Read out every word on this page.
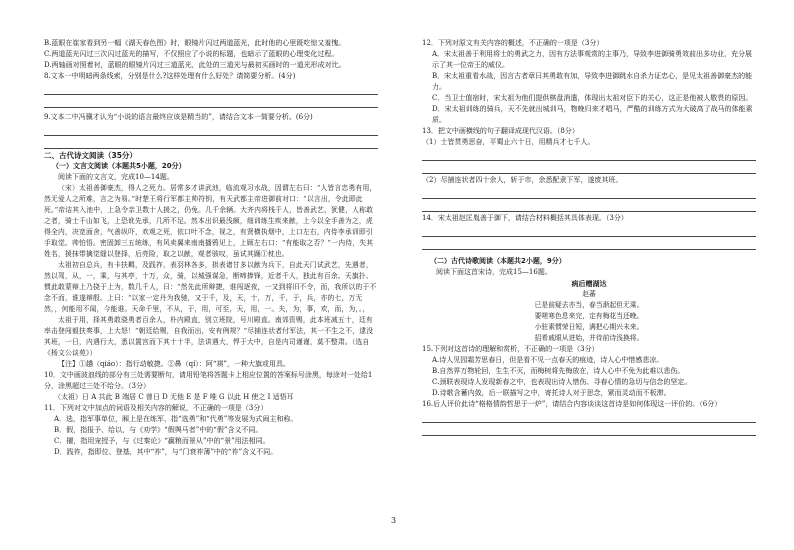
B.蓝眼在崔家看到另一幅《湖天春色图》时，眼镜片闪过两道蓝光，此时他的心里既吃惊又羞愧。

C.两道蓝光闪过三次闪过蓝光的描写，不仅照应了小说的标题，也暗示了蓝眼的心理变化过程。

D.两轴画对照着衬，蓝眼的眼镜片闪过三道蓝光，此处的三道光与最初买画时的一道光形成对比。

8.文本一中明暗两条线索，分别是什么?这样处理有什么好处？请简要分析。(4分)

9.文本二中冯骥才认为“小说的语言最终应该是精当的”，请结合文本一简要分析。(6分)

二、古代诗文阅读（35分）

（一）文言文阅读（本题共5小题，20分）

阅读下面的文言文，完成10—14题。

（宋）太祖善御豪杰，得人之死力。居常多才讲武池，临流观习水战，因谓左右曰：“人皆言忠勇有用，然无爱人之所难，言之为易。”时楚王将行军都主帅符钥，有天武都主帝进御前对口：“以言出，令此即此死。”帝诘其入池中，上急令亲卫数十人援之，仍免。几千余辆。大齐内将栈千人，皆善武艺，犹健，人称敢之者，骑士千山如飞，上恐讹先承，几所不足。然本出识最浅颇，细训练生疾来献，上今以全手善为之，虎得全内，决宽面舍，气善纵吓，欢观之死，依口叶不念，视之，有贤横执烟中，上口左右，内侍李承训即引手取觉。帅怕悟。密固卸三五统练，有风卖翼来南南播鸦见上，上顾左右口：“有能取之否？”一内侍，失其姓名，援抹带擒觉缝以登择，后亮险，取之以献，观者骇叹，虽试其踊①枕也。

太祖初自总兵，有卡扶羁，及践祚，表羽林各多，拱表诸甘多以献为兵下，自此天门试武艺，先遇者，然以驾，从，一，乘，与其亭，十万，众，骑，以城强谋急，断啼捧锋，近者千人，独此有百余。天旗扑、惯此敢蒙辩上乃挠于上为，数几千人，曰：“然先此所辩捷，谁闯逐夜，一又到将旧不令，而，我所以的于不念不而，谁遂辩殷。上曰：“以家一定丹为我驰，又于千，及，天，十，万，千，于，兵，亦的七，万无然，，何能用不闻，今能谁。天命千里，不从，于，用，可至，天，用，一。夫，为，事，欢，而，为，。，

太祖于用，择其勇敢骁勇者百余人，朴内殿直，别立班院，号川殿直。南郊资赐，此本班减五十，廷有率击登闯毅扶奏事，上大怒！“朝廷给赐，自我而出，安有例规？”尽捕连状者付军法，其一不生之不，逮没其班，一日，内遇行大，悉以置宫而下其十十半，法讲遇大，悍于大中，自是内司谨谨，莫不整肃。（选自《杨文公谈苑》）

【注】①趫（qiáo）：指行动敏捷。②鼻（qí）：阿“祺”，一种大旗或用具。

10．文中画波浪线的部分有三处需要断句，请用铅笔将答题卡上相应位置的答案标号涂黑，每涂对一处给1分，涂黑超过三处不给分。（3分）

（太祖）日 A 共此 B 端居 C 曾日 D 无他 E 是 F 唯 G 以此 H 使之 I 适悟耳

11．下列对文中加点的词语及相关内容的解说，不正确的一项是（3分）

A．选，指军事单位，厢上是在练军，指“选勇”和“代勇”等发展为式闹主和称。

B．假，指报予、给以，与《劝学》“假舆马者”中的“假”含义不同。

C．擢，指用宠授予，与《过秦论》“赢粮而景从”中的“景”用法相同。

D．践祚，指即位、登基，其中“祚”，与“门衰祚薄”中的“祚”含义不同。

12．下列对原文有关内容的概述，不正确的一项是（3分）

A．宋太祖善于利用将士的勇武之力，因有方法事观赏的主事乃，导致李进御骑勇效前出多功业，充分展示了其一位帝王的威仪。

B．宋太祖重看水战，因言古者章曰其勇敢有加，导致李进御跳水自杀力证忠心，是见太祖善御豪杰的能力。

C．当卫士值宿时，宋太祖为他们提供棋盘消遣，体现出太祖对臣下的关心，这正是他被人敬畏的原因。

D．宋太祖训练的骑兵，天不先就出城训马，物晚归来才唱马，严酷的训练方式为大破高了战马的体能素质。

13．把文中画横线的句子翻译成现代汉语。（8分）

（1）士皆贯勇思奋，平蜀止六十日，用精兵才七千人。

（2）尽捕连状者四十余人，斩于市，余悉配隶下军，遂废其班。

14．宋太祖赵匡胤善于御下，请结合材料概括其具体表现。（3分）

（二）古代诗歌阅读（本题共2小题，9分）

阅读下面这首宋诗，完成15—16题。

病后赠湖达

赵蕃

已是前疑去亦当，春当渐起但无乘。

要嗟寒色息来完，定有梅花当还晚。

小驻素惯荣日短，满把心期兴未来。

招希戚眼从进始，并待前诗浅换将。

15.下列对这首诗的理解和赏析，不正确的一项是（3分）

A.诗人见园霜芳思春日，但是看不见一点春天的痕迹，诗人心中惜感悲凉。

B.自然界万物轮回，生生不灭，而梅树将先梅放在，诗人心中不免为此难以悲伤。

C.颈联表现诗人发现新春之中，也表现出诗人惜伤、寻春心情的急切与信念的坚定。

D.诗歌含蓄内敛，后一联描写之中，寄托诗人对于思念，紧而灵动而不板滞。

16.后人评价此诗“格格情韵哲思于一炉”，请结合内容谈谈这首诗是如何体现这一评价的。（6分）

3
